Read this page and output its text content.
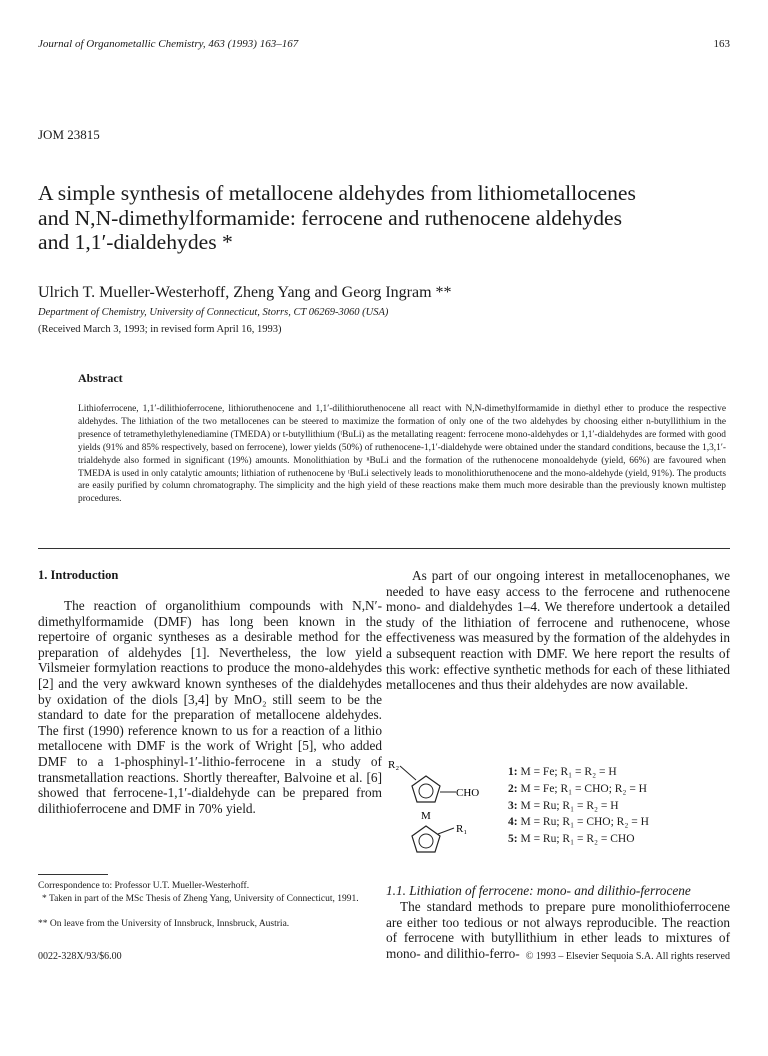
Journal of Organometallic Chemistry, 463 (1993) 163–167	163
JOM 23815
A simple synthesis of metallocene aldehydes from lithiometallocenes
and N,N-dimethylformamide: ferrocene and ruthenocene aldehydes
and 1,1′-dialdehydes *
Ulrich T. Mueller-Westerhoff, Zheng Yang and Georg Ingram **
Department of Chemistry, University of Connecticut, Storrs, CT 06269-3060 (USA)
(Received March 3, 1993; in revised form April 16, 1993)
Abstract
Lithioferrocene, 1,1′-dilithioferrocene, lithioruthenocene and 1,1′-dilithioruthenocene all react with N,N-dimethylformamide in diethyl ether to produce the respective aldehydes. The lithiation of the two metallocenes can be steered to maximize the formation of only one of the two aldehydes by choosing either n-butyllithium in the presence of tetramethylethylenediamine (TMEDA) or t-butyllithium (ᵗBuLi) as the metallating reagent: ferrocene mono-aldehydes or 1,1′-dialdehydes are formed with good yields (91% and 85% respectively, based on ferrocene), lower yields (50%) of ruthenocene-1,1′-dialdehyde were obtained under the standard conditions, because the 1,3,1′-trialdehyde also formed in significant (19%) amounts. Monolithiation by ⁿBuLi and the formation of the ruthenocene monoaldehyde (yield, 66%) are favoured when TMEDA is used in only catalytic amounts; lithiation of ruthenocene by ᵗBuLi selectively leads to monolithioruthenocene and the mono-aldehyde (yield, 91%). The products are easily purified by column chromatography. The simplicity and the high yield of these reactions make them much more desirable than the previously known multistep procedures.
1. Introduction

The reaction of organolithium compounds with N,N′-dimethylformamide (DMF) has long been known in the repertoire of organic syntheses as a desirable method for the preparation of aldehydes [1]. Nevertheless, the low yield Vilsmeier formylation reactions to produce the mono-aldehydes [2] and the very awkward known syntheses of the dialdehydes by oxidation of the diols [3,4] by MnO₂ still seem to be the standard to date for the preparation of metallocene aldehydes. The first (1990) reference known to us for a reaction of a lithio metallocene with DMF is the work of Wright [5], who added DMF to a 1-phosphinyl-1′-lithio-ferrocene in a study of transmetallation reactions. Shortly thereafter, Balvoine et al. [6] showed that ferrocene-1,1′-dialdehyde can be prepared from dilithioferrocene and DMF in 70% yield.

Correspondence to: Professor U.T. Mueller-Westerhoff.
* Taken in part of the MSc Thesis of Zheng Yang, University of Connecticut, 1991.
** On leave from the University of Innsbruck, Innsbruck, Austria.

As part of our ongoing interest in metallocenophanes, we needed to have easy access to the ferrocene and ruthenocene mono- and dialdehydes 1–4. We therefore undertook a detailed study of the lithiation of ferrocene and ruthenocene, whose effectiveness was measured by the formation of the aldehydes in a subsequent reaction with DMF. We here report the results of this work: effective synthetic methods for each of these lithiated metallocenes and thus their aldehydes are now available.

R₂
CHO
M
R₁
1: M = Fe; R₁ = R₂ = H
2: M = Fe; R₁ = CHO; R₂ = H
3: M = Ru; R₁ = R₂ = H
4: M = Ru; R₁ = CHO; R₂ = H
5: M = Ru; R₁ = R₂ = CHO
1.1. Lithiation of ferrocene: mono- and dilithio-ferrocene

The standard methods to prepare pure monolithioferrocene are either too tedious or not always reproducible. The reaction of ferrocene with butyllithium in ether leads to mixtures of mono- and dilithio-ferro-

0022-328X/93/$6.00	© 1993 – Elsevier Sequoia S.A. All rights reserved
